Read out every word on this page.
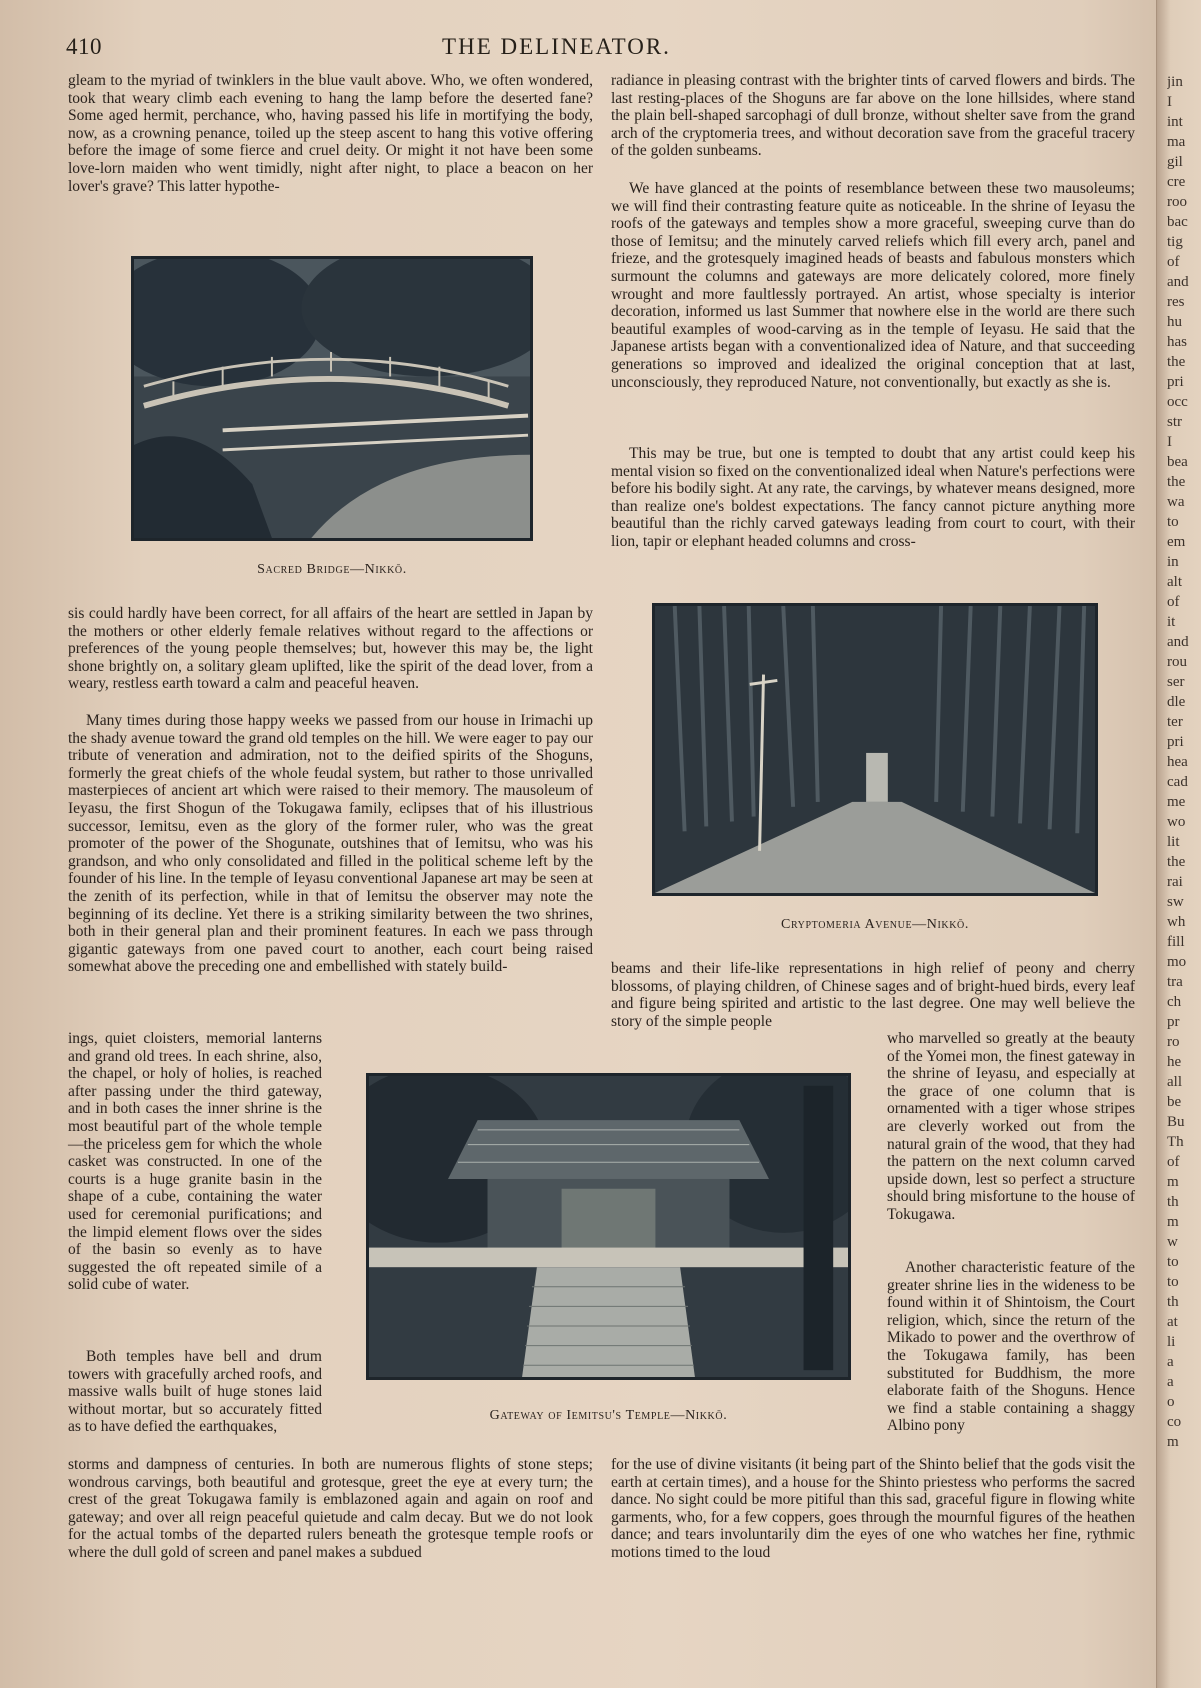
410	THE DELINEATOR.

gleam to the myriad of twinklers in the blue vault above. Who, we often wondered, took that weary climb each evening to hang the lamp before the deserted fane? Some aged hermit, perchance, who, having passed his life in mortifying the body, now, as a crowning penance, toiled up the steep ascent to hang this votive offering before the image of some fierce and cruel deity. Or might it not have been some love-lorn maiden who went timidly, night after night, to place a beacon on her lover's grave? This latter hypothe-

Sacred Bridge—Nikkō.

sis could hardly have been correct, for all affairs of the heart are settled in Japan by the mothers or other elderly female relatives without regard to the affections or preferences of the young people themselves; but, however this may be, the light shone brightly on, a solitary gleam uplifted, like the spirit of the dead lover, from a weary, restless earth toward a calm and peaceful heaven.

Many times during those happy weeks we passed from our house in Irimachi up the shady avenue toward the grand old temples on the hill. We were eager to pay our tribute of veneration and admiration, not to the deified spirits of the Shoguns, formerly the great chiefs of the whole feudal system, but rather to those unrivalled masterpieces of ancient art which were raised to their memory. The mausoleum of Ieyasu, the first Shogun of the Tokugawa family, eclipses that of his illustrious successor, Iemitsu, even as the glory of the former ruler, who was the great promoter of the power of the Shogunate, outshines that of Iemitsu, who was his grandson, and who only consolidated and filled in the political scheme left by the founder of his line. In the temple of Ieyasu conventional Japanese art may be seen at the zenith of its perfection, while in that of Iemitsu the observer may note the beginning of its decline. Yet there is a striking similarity between the two shrines, both in their general plan and their prominent features. In each we pass through gigantic gateways from one paved court to another, each court being raised somewhat above the preceding one and embellished with stately build-

ings, quiet cloisters, memorial lanterns and grand old trees. In each shrine, also, the chapel, or holy of holies, is reached after passing under the third gateway, and in both cases the inner shrine is the most beautiful part of the whole temple—the priceless gem for which the whole casket was constructed. In one of the courts is a huge granite basin in the shape of a cube, containing the water used for ceremonial purifications; and the limpid element flows over the sides of the basin so evenly as to have suggested the oft repeated simile of a solid cube of water.

Both temples have bell and drum towers with gracefully arched roofs, and massive walls built of huge stones laid without mortar, but so accurately fitted as to have defied the earthquakes,

storms and dampness of centuries. In both are numerous flights of stone steps; wondrous carvings, both beautiful and grotesque, greet the eye at every turn; the crest of the great Tokugawa family is emblazoned again and again on roof and gateway; and over all reign peaceful quietude and calm decay. But we do not look for the actual tombs of the departed rulers beneath the grotesque temple roofs or where the dull gold of screen and panel makes a subdued

radiance in pleasing contrast with the brighter tints of carved flowers and birds. The last resting-places of the Shoguns are far above on the lone hillsides, where stand the plain bell-shaped sarcophagi of dull bronze, without shelter save from the grand arch of the cryptomeria trees, and without decoration save from the graceful tracery of the golden sunbeams.

We have glanced at the points of resemblance between these two mausoleums; we will find their contrasting feature quite as noticeable. In the shrine of Ieyasu the roofs of the gateways and temples show a more graceful, sweeping curve than do those of Iemitsu; and the minutely carved reliefs which fill every arch, panel and frieze, and the grotesquely imagined heads of beasts and fabulous monsters which surmount the columns and gateways are more delicately colored, more finely wrought and more faultlessly portrayed. An artist, whose specialty is interior decoration, informed us last Summer that nowhere else in the world are there such beautiful examples of wood-carving as in the temple of Ieyasu. He said that the Japanese artists began with a conventionalized idea of Nature, and that succeeding generations so improved and idealized the original conception that at last, unconsciously, they reproduced Nature, not conventionally, but exactly as she is.

This may be true, but one is tempted to doubt that any artist could keep his mental vision so fixed on the conventionalized ideal when Nature's perfections were before his bodily sight. At any rate, the carvings, by whatever means designed, more than realize one's boldest expectations. The fancy cannot picture anything more beautiful than the richly carved gateways leading from court to court, with their lion, tapir or elephant headed columns and cross-

Cryptomeria Avenue—Nikkō.

beams and their life-like representations in high relief of peony and cherry blossoms, of playing children, of Chinese sages and of bright-hued birds, every leaf and figure being spirited and artistic to the last degree. One may well believe the story of the simple people

who marvelled so greatly at the beauty of the Yomei mon, the finest gateway in the shrine of Ieyasu, and especially at the grace of one column that is ornamented with a tiger whose stripes are cleverly worked out from the natural grain of the wood, that they had the pattern on the next column carved upside down, lest so perfect a structure should bring misfortune to the house of Tokugawa.

Another characteristic feature of the greater shrine lies in the wideness to be found within it of Shintoism, the Court religion, which, since the return of the Mikado to power and the overthrow of the Tokugawa family, has been substituted for Buddhism, the more elaborate faith of the Shoguns. Hence we find a stable containing a shaggy Albino pony

for the use of divine visitants (it being part of the Shinto belief that the gods visit the earth at certain times), and a house for the Shinto priestess who performs the sacred dance. No sight could be more pitiful than this sad, graceful figure in flowing white garments, who, for a few coppers, goes through the mournful figures of the heathen dance; and tears involuntarily dim the eyes of one who watches her fine, rythmic motions timed to the loud

Gateway of Iemitsu's Temple—Nikkō.
jin
I
int
ma
gil
cre
roo
bac
tig
of
and
res
hu
has
the
pri
occ
str
I
bea
the
wa
to
em
in
alt
of
it
and
rou
ser
dle
ter
pri
hea
cad
me
wo
lit
the
rai
sw
wh
fill
mo
tra
ch
pr
ro
he
all
be
Bu
Th
of
m
th
m
w
to
to
th
at
li
a
a
o
co
m
